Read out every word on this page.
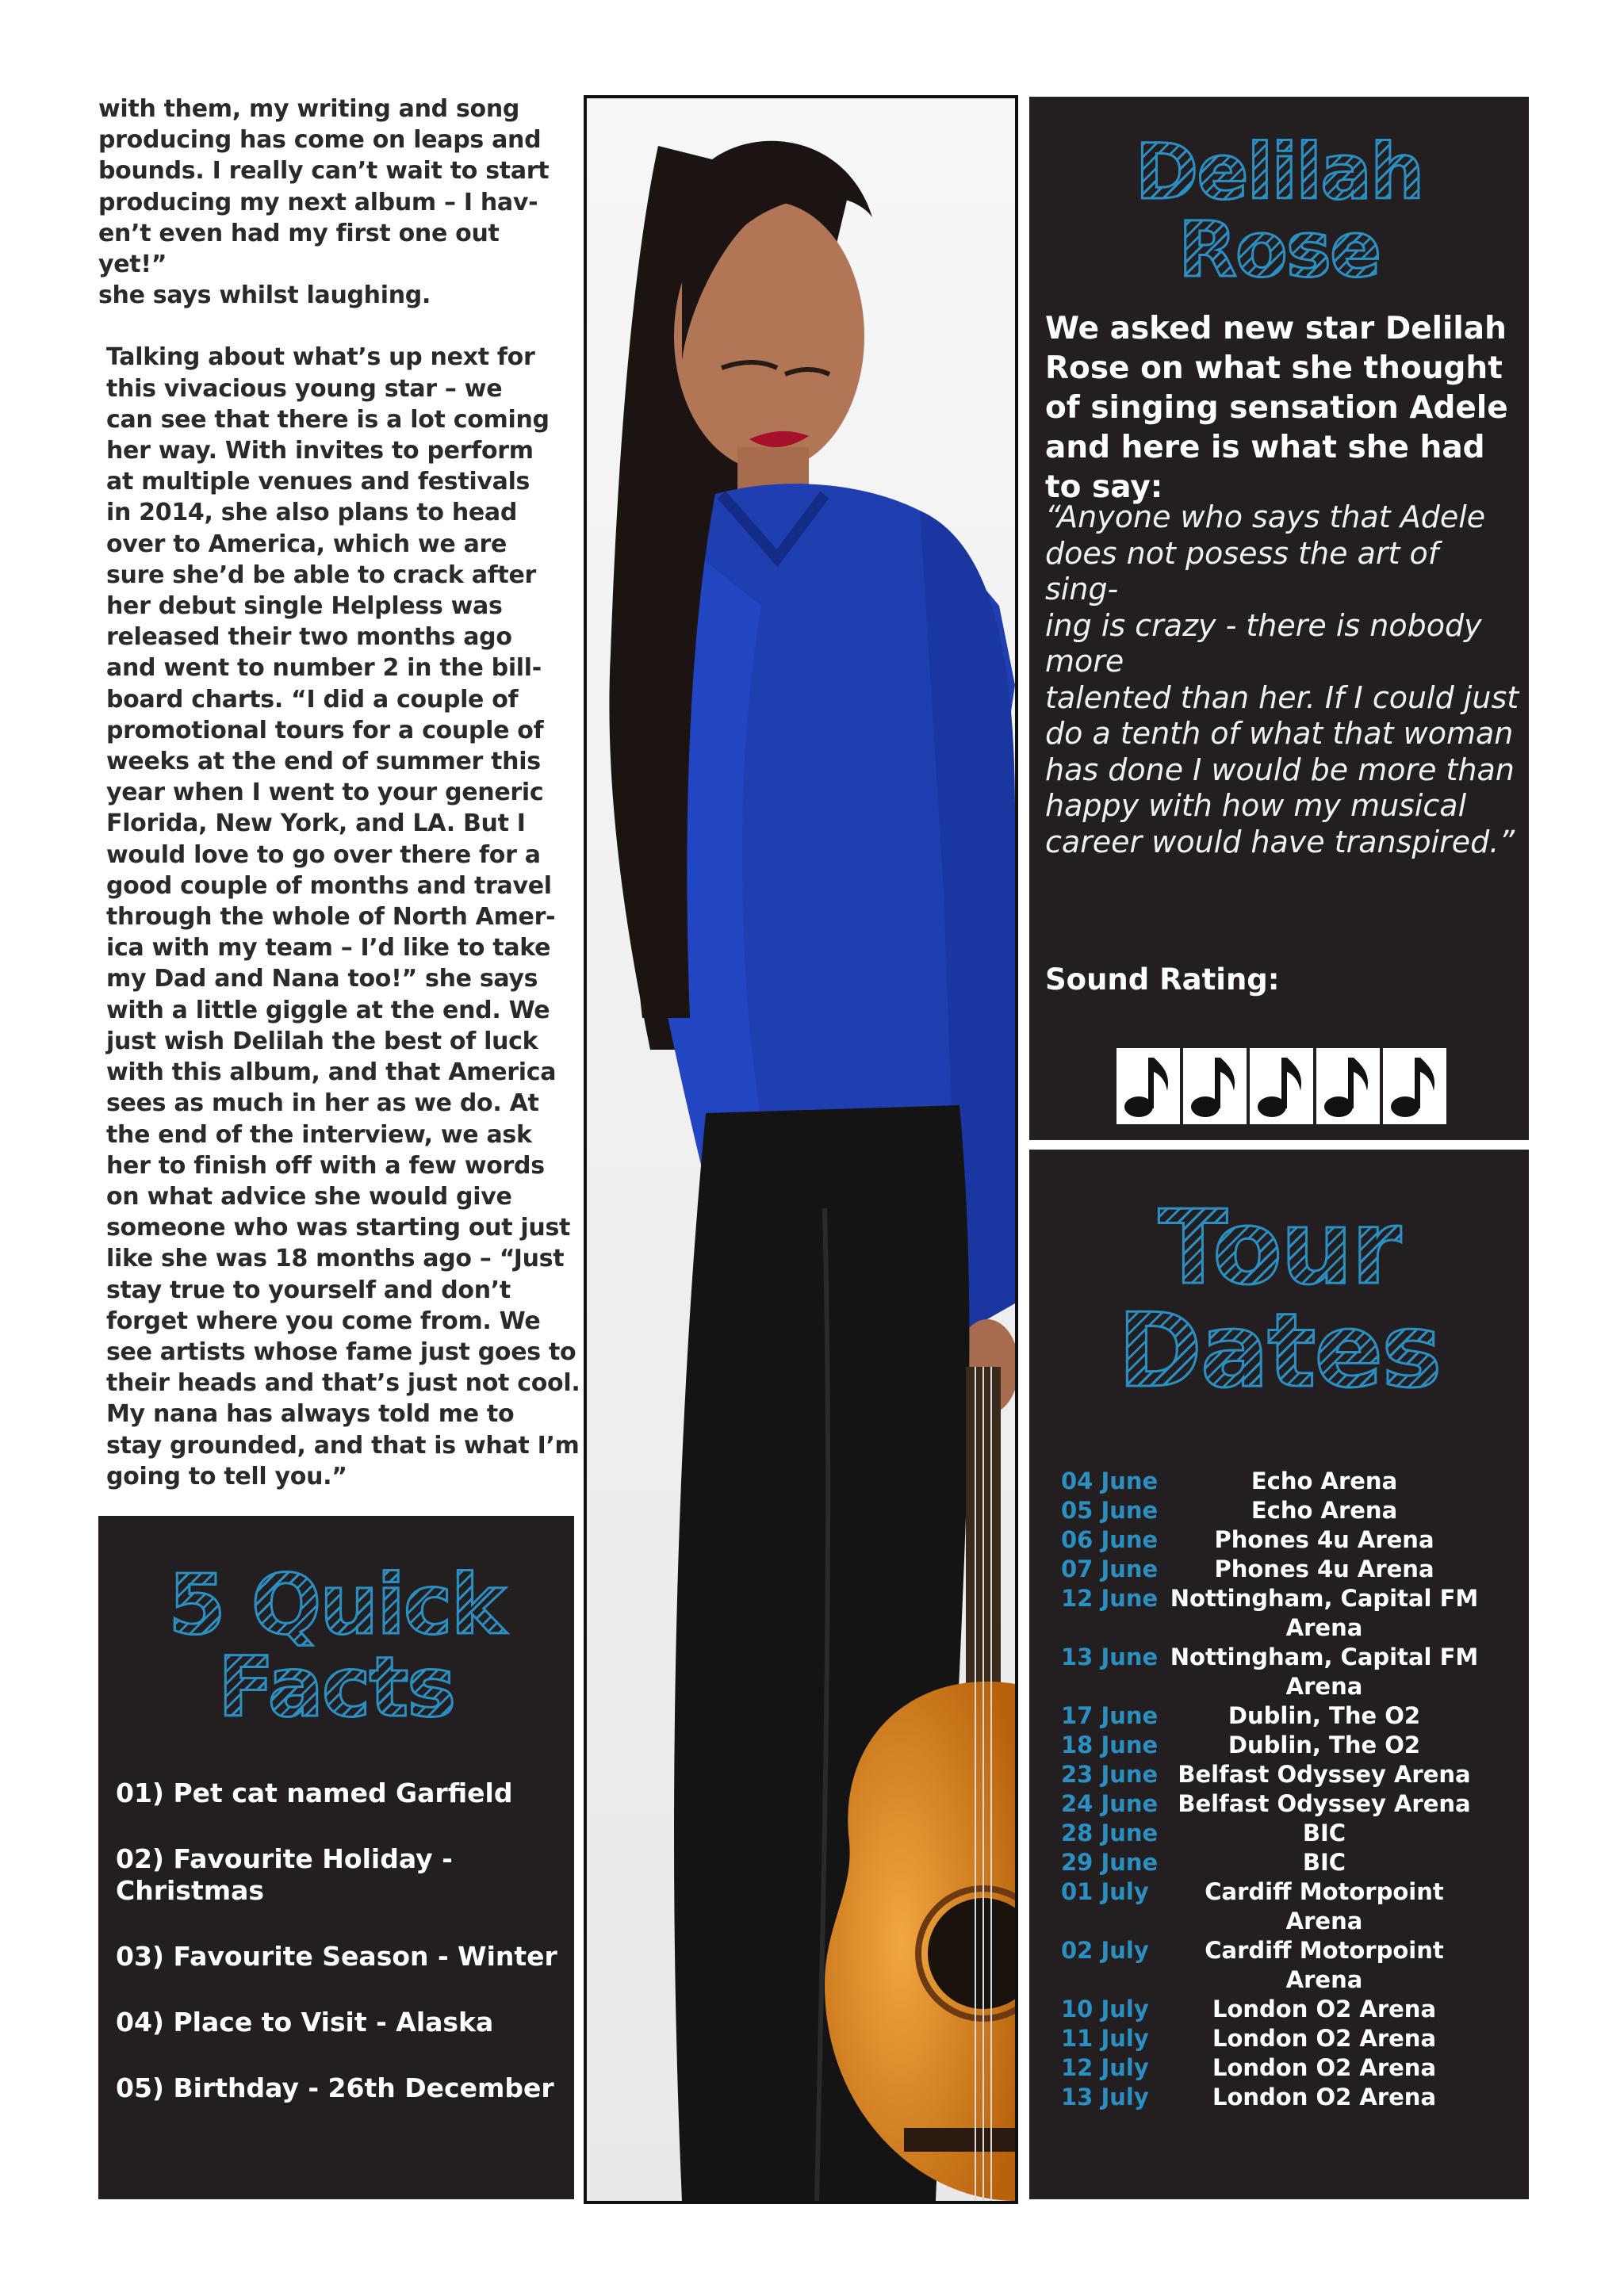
with them, my writing and song
producing has come on leaps and
bounds. I really can’t wait to start
producing my next album – I hav-
en’t even had my first one out yet!”
she says whilst laughing.

Talking about what’s up next for
this vivacious young star – we
can see that there is a lot coming
her way. With invites to perform
at multiple venues and festivals
in 2014, she also plans to head
over to America, which we are
sure she’d be able to crack after
her debut single Helpless was
released their two months ago
and went to number 2 in the bill-
board charts. “I did a couple of
promotional tours for a couple of
weeks at the end of summer this
year when I went to your generic
Florida, New York, and LA. But I
would love to go over there for a
good couple of months and travel
through the whole of North Amer-
ica with my team – I’d like to take
my Dad and Nana too!” she says
with a little giggle at the end. We
just wish Delilah the best of luck
with this album, and that America
sees as much in her as we do. At
the end of the interview, we ask
her to finish off with a few words
on what advice she would give
someone who was starting out just
like she was 18 months ago – “Just
stay true to yourself and don’t
forget where you come from. We
see artists whose fame just goes to
their heads and that’s just not cool.
My nana has always told me to
stay grounded, and that is what I’m
going to tell you.”

5 Quick
Facts
01) Pet cat named Garfield
02) Favourite Holiday - Christmas
03) Favourite Season - Winter
04) Place to Visit - Alaska
05) Birthday - 26th December
Delilah
Rose

We asked new star Delilah Rose on what she thought of singing sensation Adele and here is what she had to say:

“Anyone who says that Adele
does not posess the art of sing-
ing is crazy - there is nobody
more
talented than her. If I could just
do a tenth of what that woman
has done I would be more than
happy with how my musical
career would have transpired.”

Sound Rating:

Tour
Dates
04 June	Echo Arena
05 June	Echo Arena
06 June	Phones 4u Arena
07 June	Phones 4u Arena
12 June Nottingham, Capital FM Arena
13 June Nottingham, Capital FM Arena
17 June	Dublin, The O2
18 June	Dublin, The O2
23 June Belfast Odyssey Arena
24 June Belfast Odyssey Arena
28 June	BIC
29 June	BIC
01 July	Cardiff Motorpoint Arena
02 July	Cardiff Motorpoint Arena
10 July	London O2 Arena
11 July	London O2 Arena
12 July	London O2 Arena
13 July	London O2 Arena
